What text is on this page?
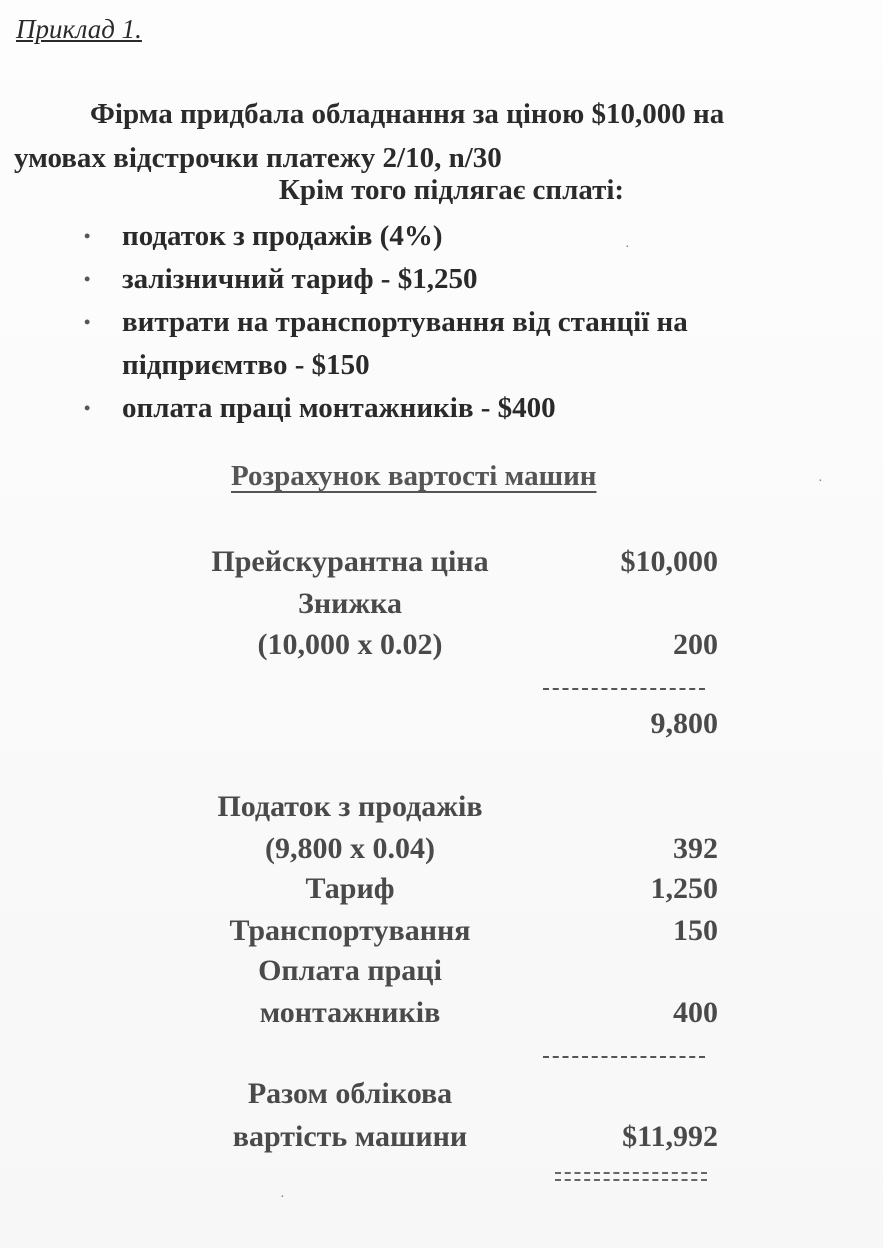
Приклад 1.
Фірма придбала обладнання за ціною $10,000 на
умовах відстрочки платежу 2/10, n/30
Крім того підлягає сплаті:
• податок з продажів (4%)
• залізничний тариф - $1,250
• витрати на транспортування від станції на
підприємтво - $150
• оплата праці монтажників - $400
Розрахунок вартості машин
Прейскурантна ціна	$10,000
Знижка
(10,000 x 0.02)	200
9,800
Податок з продажів
(9,800 x 0.04)	392
Тариф	1,250
Транспортування	150
Оплата праці
монтажників	400
Разом облікова
вартість машини	$11,992
·
·
·
